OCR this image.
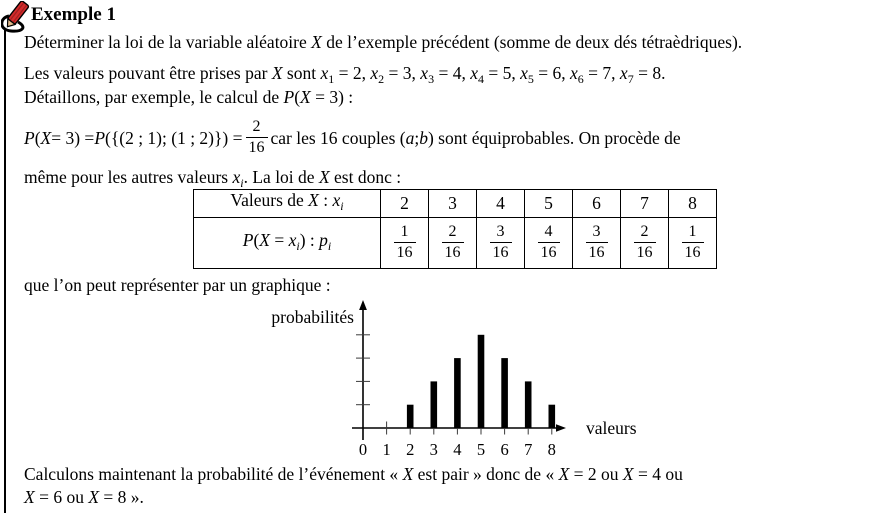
Exemple 1
Déterminer la loi de la variable aléatoire X de l’exemple précédent (somme de deux dés tétraèdriques).
Les valeurs pouvant être prises par X sont $x_1 = 2$, $x_2 = 3$, $x_3 = 4$, $x_4 = 5$, $x_5 = 6$, $x_6 = 7$, $x_7 = 8$.
Détaillons, par exemple, le calcul de P(X = 3) :
P ( X = 3) = P ({(2 ; 1); (1 ; $2)\}) = \frac{2}{16}$ car les 16 couples ( a ; b ) sont équiprobables. On procède de
même pour les autres valeurs $x_i$. La loi de X est donc :
Valeurs de X : $x_i$	2	3	4	5	6	7	8
$P(X = x_i)$ : $p_i$	$\frac{1}{16}$	$\frac{2}{16}$	$\frac{3}{16}$	$\frac{4}{16}$	$\frac{3}{16}$	$\frac{2}{16}$	$\frac{1}{16}$
que l’on peut représenter par un graphique :
0 1 2 3 4 5 6 7 8
probabilités
valeurs
Calculons maintenant la probabilité de l’événement « X est pair » donc de « X = 2 ou X = 4 ou
X = 6 ou X = 8 ».
